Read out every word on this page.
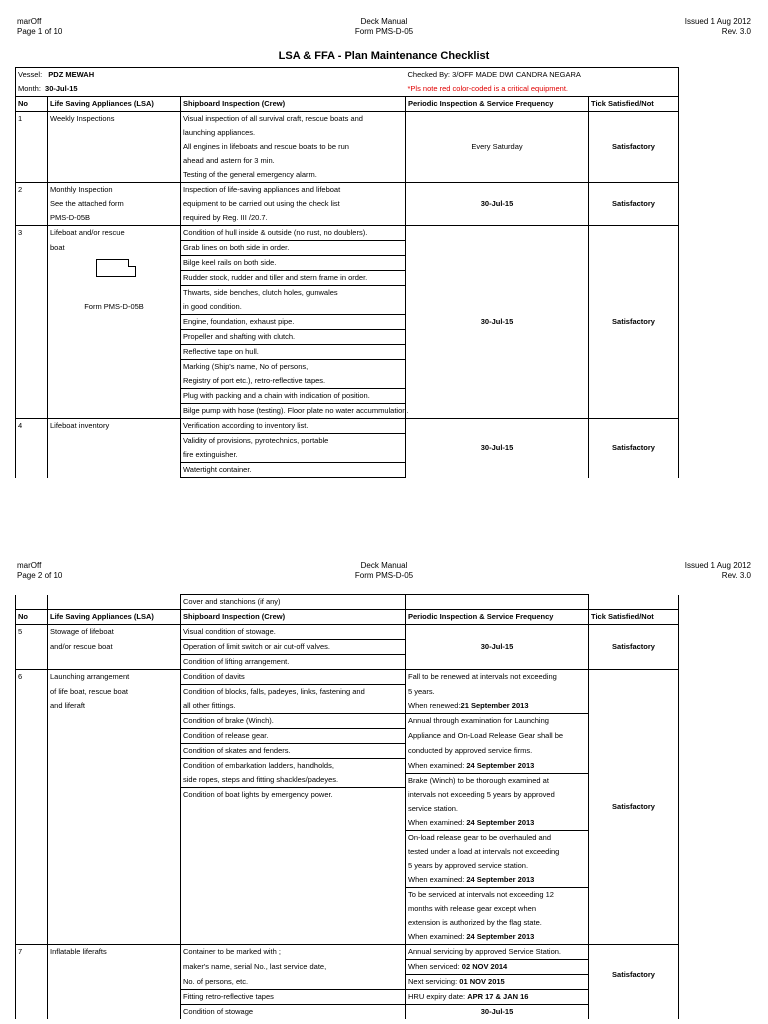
marOff
Page 1 of 10
Deck Manual
Form PMS-D-05
Issued 1 Aug 2012
Rev. 3.0
LSA & FFA - Plan Maintenance Checklist
Vessel: PDZ MEWAH			Checked By: 3/OFF MADE DWI CANDRA NEGARA	
Month: 30-Jul-15			*Pls note red color-coded is a critical equipment.	
No	Life Saving Appliances (LSA)	Shipboard Inspection (Crew)	Periodic Inspection & Service Frequency	Tick Satisfied/Not
1	Weekly Inspections	Visual inspection of all survival craft, rescue boats and	Every Saturday	Satisfactory
		launching appliances.		
		All engines in lifeboats and rescue boats to be run		
		ahead and astern for 3 min.		
		Testing of the general emergency alarm.		
2	Monthly Inspection	Inspection of life-saving appliances and lifeboat	30-Jul-15	Satisfactory
	See the attached form	equipment to be carried out using the check list		
	PMS-D-05B	required by Reg. III /20.7.		
3	Lifeboat and/or rescue	Condition of hull inside & outside (no rust, no doublers).	30-Jul-15	Satisfactory
	boat	Grab lines on both side in order.		

		Bilge keel rails on both side.		
		Rudder stock, rudder and tiller and stern frame in order.		
		Thwarts, side benches, clutch holes, gunwales		
	Form PMS-D-05B	in good condition.		
		Engine, foundation, exhaust pipe.		
		Propeller and shafting with clutch.		
		Reflective tape on hull.		
		Marking (Ship's name, No of persons,		
		Registry of port etc.), retro-reflective tapes.		
		Plug with packing and a chain with indication of position.		
		Bilge pump with hose (testing). Floor plate no water accummulation.		
4	Lifeboat inventory	Verification according to inventory list.	30-Jul-15	Satisfactory
		Validity of provisions, pyrotechnics, portable		
		fire extinguisher.		
		Watertight container.		
marOff
Page 2 of 10
Deck Manual
Form PMS-D-05
Issued 1 Aug 2012
Rev. 3.0
		Cover and stanchions (if any)		
No	Life Saving Appliances (LSA)	Shipboard Inspection (Crew)	Periodic Inspection & Service Frequency	Tick Satisfied/Not
5	Stowage of lifeboat	Visual condition of stowage.	30-Jul-15	Satisfactory
	and/or rescue boat	Operation of limit switch or air cut-off valves.		
		Condition of lifting arrangement.		
6	Launching arrangement	Condition of davits	Fall to be renewed at intervals not exceeding	Satisfactory
	of life boat, rescue boat	Condition of blocks, falls, padeyes, links, fastening and	5 years.	
	and liferaft	all other fittings.	When renewed:21 September 2013	
		Condition of brake (Winch).	Annual through examination for Launching	
		Condition of release gear.	Appliance and On-Load Release Gear shall be	
		Condition of skates and fenders.	conducted by approved service firms.	
		Condition of embarkation ladders, handholds,	When examined: 24 September 2013	
		side ropes, steps and fitting shackles/padeyes.	Brake (Winch) to be thorough examined at	
		Condition of boat lights by emergency power.	intervals not exceeding 5 years by approved	
			service station.	
			When examined: 24 September 2013	
			On-load release gear to be overhauled and	
			tested under a load at intervals not exceeding	
			5 years by approved service station.	
			When examined: 24 September 2013	
			To be serviced at intervals not exceeding 12	
			months with release gear except when	
			extension is authorized by the flag state.	
			When examined: 24 September 2013	

7	Inflatable liferafts	Container to be marked with ;	Annual servicing by approved Service Station.	Satisfactory
		maker's name, serial No., last service date,	When serviced: 02 NOV 2014	
		No. of persons, etc.	Next servicing: 01 NOV 2015	
		Fitting retro-reflective tapes	HRU expiry date: APR 17 & JAN 16	
		Condition of stowage	30-Jul-15	
